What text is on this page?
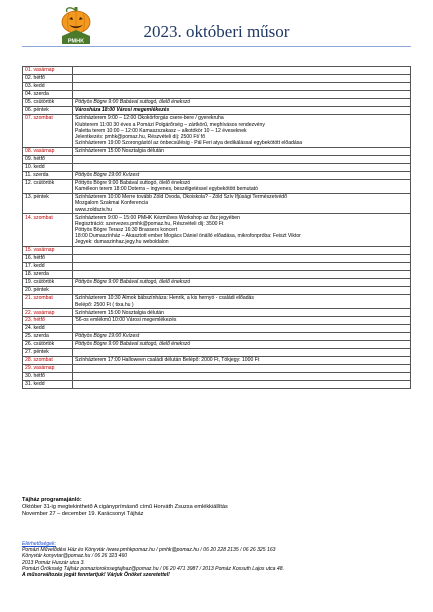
PMHK
2023. októberi műsor
01. vasárnap	

02. hétfő	

03. kedd	

04. szerda	

05. csütörtök	Pöttyös Bögre 9:00 Babával suttogó, ölelő énekszó

06. péntek	Városháza 18:00 Városi megemlékezés

07. szombat	Színházterem 9:00 – 12:00 Ökokörforgás csere-bere / gyerekruha
Klubterem 11:00 30 éves a Pomázi Polgárőrség – zártkörű, meghívásos rendezvény
Paletta terem 10:00 – 12:00 Kamaszszakasz – alkotókör 10 – 12 éveseknek
Jelentkezés: pmhk@pomaz.hu, Részvételi díj: 2500 Ft/ fő
Színházterem 19:00 Szorongástól az önbecsülésig - Pál Feri atya dedikálással egybekötött előadása

08. vasárnap	Színházterem 15:00 Nosztalgia délután

09. hétfő	

10. kedd	

11. szerda	Pöttyös Bögre 19:00 Kvízest

12. csütörtök	Pöttyös Bögre 9:00 Babával suttogó, ölelő énekszó
Kaméleon terem 18:00 Doterra – ingyenes, beszélgetéssel egybekötött bemutató

13. péntek	Színházterem 10:00 Merre tovább Zöld Óvoda, Ökoiskola? - Zöld Szív Ifjúsági Természetvédő
Mozgalom Szakmai Konferencia
www.zoldsziv.hu

14. szombat	Színházterem 9:00 – 15:00 PMHK Kézműves Workshop az ősz jegyében
Regisztráció: szervezes.pmhk@pomaz.hu, Részvételi díj: 3500 Ft
Pöttyös Bögre Terasz 16:30 Brassers koncert
18:00 Dumaszínház – Akasztott ember Mogács Dániel önálló előadása, mikrofonpróba: Feiszt Viktor
Jegyek: dumaszinhaz.jegy.hu weboldalon

15. vasárnap	

16. hétfő	

17. kedd	

18. szerda	

19. csütörtök	Pöttyös Bögre 9:00 Babával suttogó, ölelő énekszó

20. péntek	

21. szombat	Színházterem 10:30 Álmok bábszínháza: Henrik, a kis hernyó - családi előadás
Belépő: 2500 Ft ( tixa.hu )

22. vasárnap	Színházterem 15:00 Nosztalgia délután

23. hétfő	'56-os emlékmű 10:00 Városi megemlékezés

24. kedd	

25. szerda	Pöttyös Bögre 19:00 Kvízest

26. csütörtök	Pöttyös Bögre 9:00 Babával suttogó, ölelő énekszó

27. péntek	

28. szombat	Színházterem 17:00 Halloween családi délután Belépő: 2000 Ft, Tökjegy: 1000 Ft

29. vasárnap	

30. hétfő	

31. kedd	

Tájház programajánló:
Október 31-ig megtekinthető A cigányprímásnő című Horváth Zsuzsa emlékkiállítás
November 27 – december 19. Karácsonyi Tájház
Elérhetőségek:
Pomázi Művelődési Ház és Könyvtár /www.pmhkpomaz.hu / pmhk@pomaz.hu / 06 20 228 2135 / 06 26 325 163
Könyvtár konyvtar@pomaz.hu / 06 26 323 460
2013 Pomáz Huszár utca 3.
Pomázi Öröksség Tájház pomaziorokssegtajhaz@pomaz.hu / 06 20 471 3987 / 2013 Pomáz Kossuth Lajos utca 48.
A műsorváltozás jogát fenntartjuk! Várjuk Önöket szeretettel!
